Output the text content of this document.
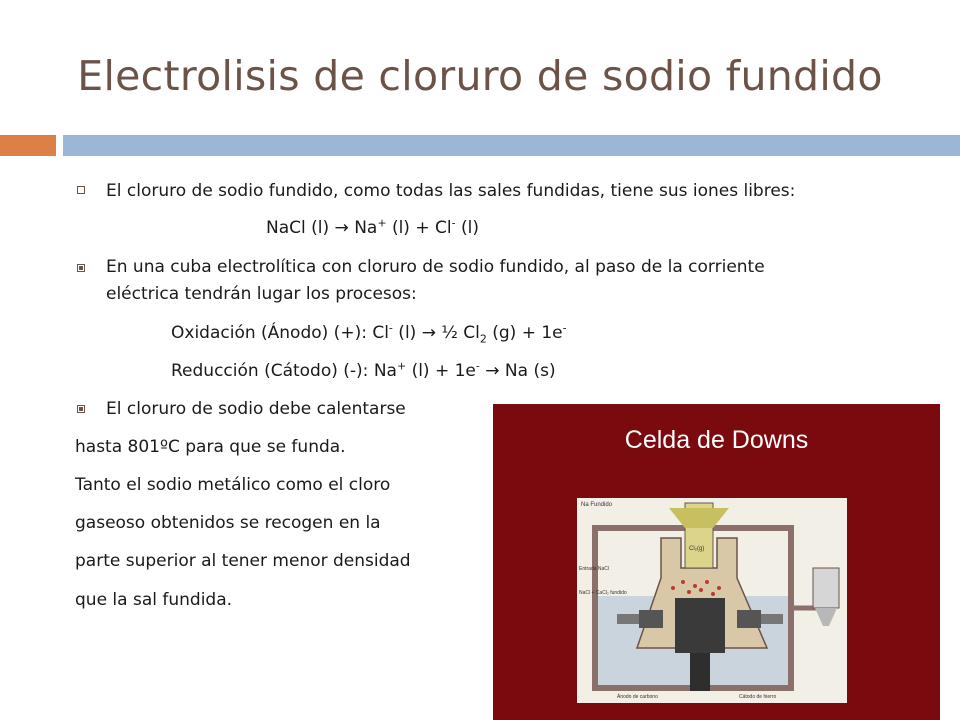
Electrolisis de cloruro de sodio fundido
El cloruro de sodio fundido, como todas las sales fundidas, tiene sus iones libres:
NaCl (l) → Na+ (l) + Cl- (l)
En una cuba electrolítica con cloruro de sodio fundido, al paso de la corriente
eléctrica tendrán lugar los procesos:
Oxidación (Ánodo) (+): Cl- (l) → ½ $Cl_2$ (g) + 1e-
Reducción (Cátodo) (-): Na+ (l) + 1e- → Na (s)
El cloruro de sodio debe calentarse
hasta 801ºC para que se funda.
Tanto el sodio metálico como el cloro
gaseoso obtenidos se recogen en la
parte superior al tener menor densidad
que la sal fundida.
Celda de Downs
Na Fundido
Cl₂(g)
Entrada NaCl
NaCl + CaCl₂ fundido
Ánodo de carbono	Cátodo de hierro
